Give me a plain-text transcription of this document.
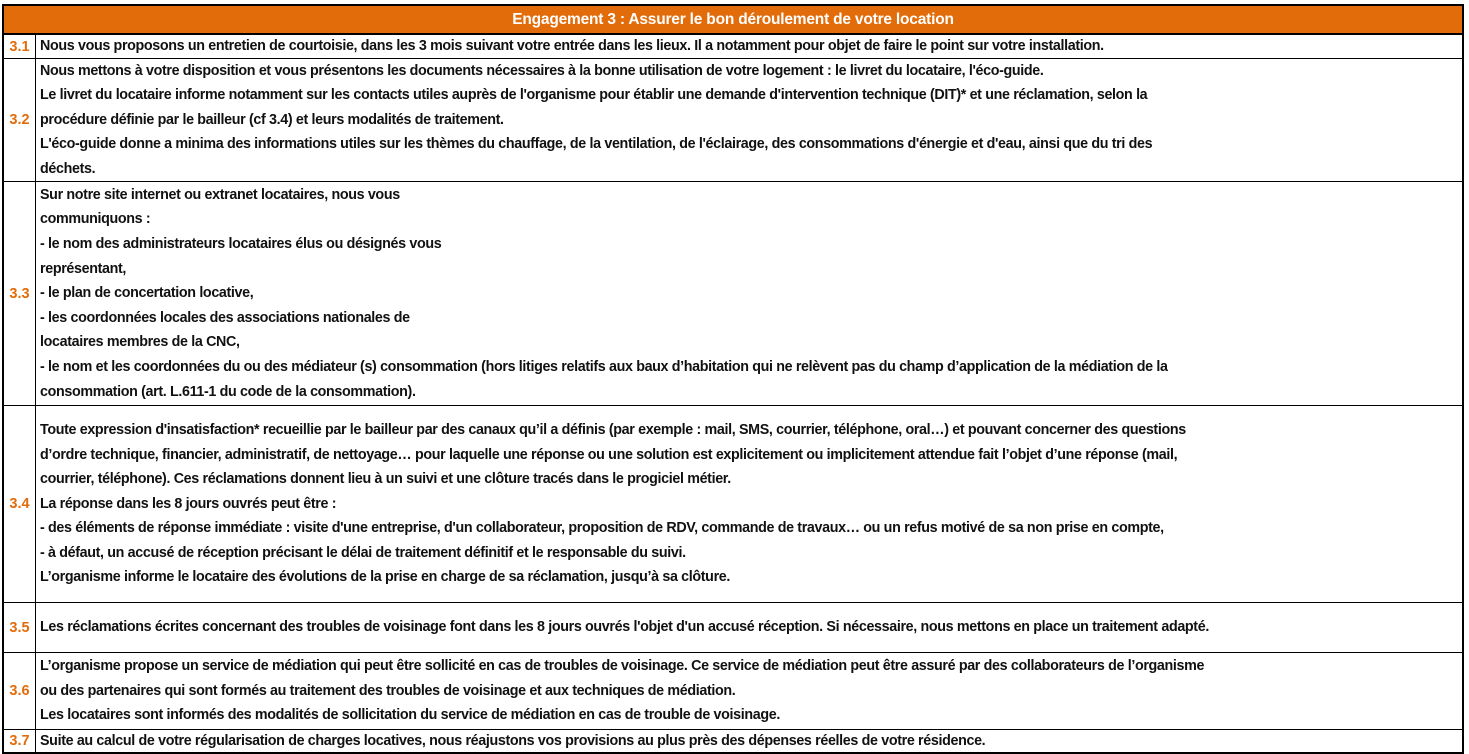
Engagement 3 : Assurer le bon déroulement de votre location
3.1 Nous vous proposons un entretien de courtoisie, dans les 3 mois suivant votre entrée dans les lieux. Il a notamment pour objet de faire le point sur votre installation.
3.2
Nous mettons à votre disposition et vous présentons les documents nécessaires à la bonne utilisation de votre logement : le livret du locataire, l'éco-guide.
Le livret du locataire informe notamment sur les contacts utiles auprès de l'organisme pour établir une demande d'intervention technique (DIT)* et une réclamation, selon la
procédure définie par le bailleur (cf 3.4) et leurs modalités de traitement.
L'éco-guide donne a minima des informations utiles sur les thèmes du chauffage, de la ventilation, de l'éclairage, des consommations d'énergie et d'eau, ainsi que du tri des
déchets.
3.3
Sur notre site internet ou extranet locataires, nous vous
communiquons :
- le nom des administrateurs locataires élus ou désignés vous
représentant,
- le plan de concertation locative,
- les coordonnées locales des associations nationales de
locataires membres de la CNC,
- le nom et les coordonnées du ou des médiateur (s) consommation (hors litiges relatifs aux baux d’habitation qui ne relèvent pas du champ d’application de la médiation de la
consommation (art. L.611-1 du code de la consommation).
3.4
Toute expression d'insatisfaction* recueillie par le bailleur par des canaux qu’il a définis (par exemple : mail, SMS, courrier, téléphone, oral…) et pouvant concerner des questions
d’ordre technique, financier, administratif, de nettoyage… pour laquelle une réponse ou une solution est explicitement ou implicitement attendue fait l’objet d’une réponse (mail,
courrier, téléphone). Ces réclamations donnent lieu à un suivi et une clôture tracés dans le progiciel métier.
La réponse dans les 8 jours ouvrés peut être :
- des éléments de réponse immédiate : visite d'une entreprise, d'un collaborateur, proposition de RDV, commande de travaux… ou un refus motivé de sa non prise en compte,
- à défaut, un accusé de réception précisant le délai de traitement définitif et le responsable du suivi.
L’organisme informe le locataire des évolutions de la prise en charge de sa réclamation, jusqu’à sa clôture.
3.5 Les réclamations écrites concernant des troubles de voisinage font dans les 8 jours ouvrés l'objet d'un accusé réception. Si nécessaire, nous mettons en place un traitement adapté.
3.6
L’organisme propose un service de médiation qui peut être sollicité en cas de troubles de voisinage. Ce service de médiation peut être assuré par des collaborateurs de l’organisme
ou des partenaires qui sont formés au traitement des troubles de voisinage et aux techniques de médiation.
Les locataires sont informés des modalités de sollicitation du service de médiation en cas de trouble de voisinage.
3.7 Suite au calcul de votre régularisation de charges locatives, nous réajustons vos provisions au plus près des dépenses réelles de votre résidence.
